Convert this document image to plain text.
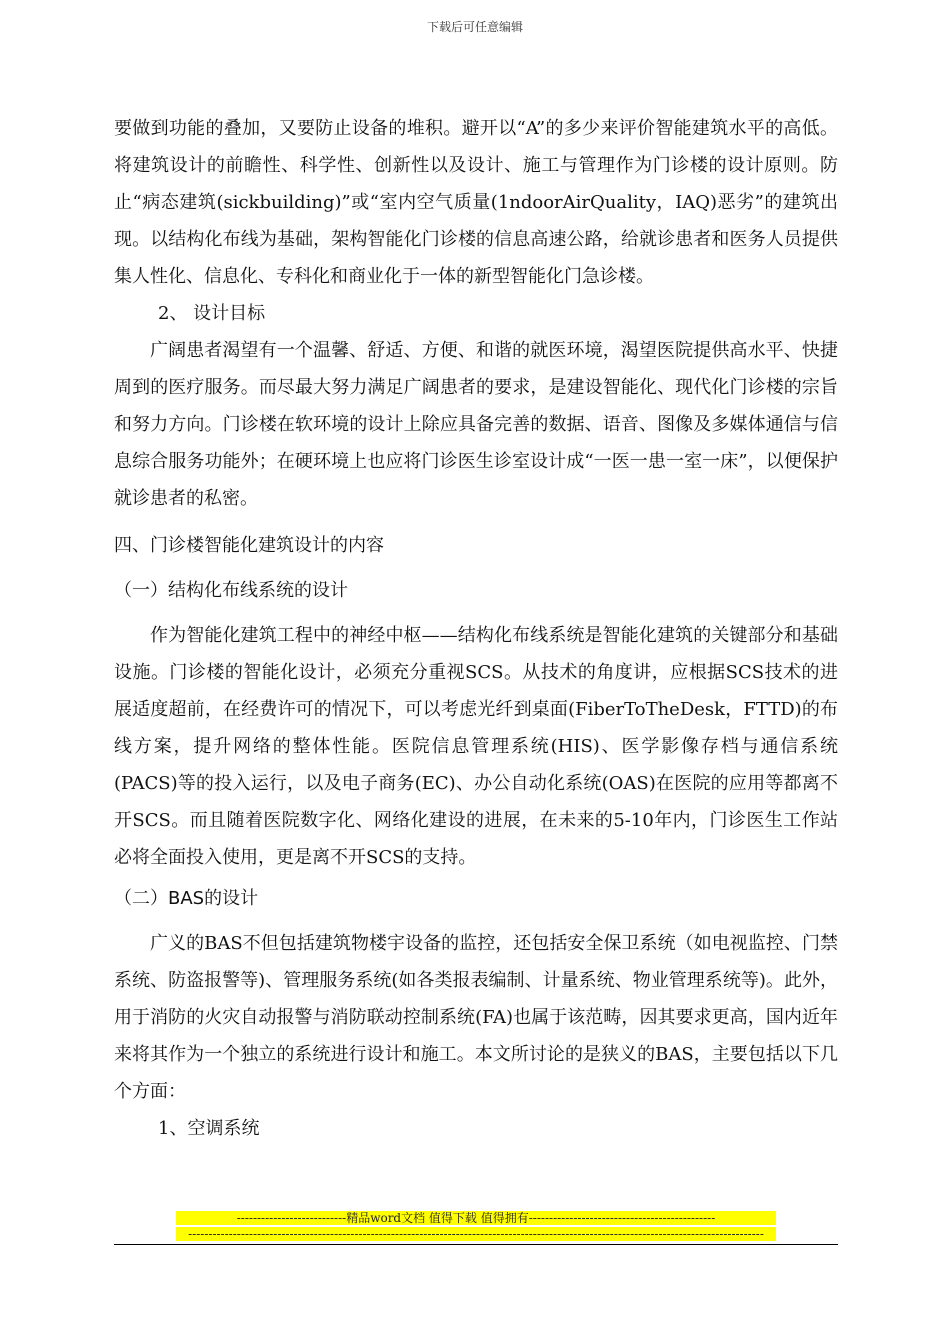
下载后可任意编辑

要做到功能的叠加，又要防止设备的堆积。避开以“A”的多少来评价智能建筑水平的高低。将建筑设计的前瞻性、科学性、创新性以及设计、施工与管理作为门诊楼的设计原则。防止“病态建筑(sickbuilding)”或“室内空气质量(1ndoorAirQuality，IAQ)恶劣”的建筑出现。以结构化布线为基础，架构智能化门诊楼的信息高速公路，给就诊患者和医务人员提供集人性化、信息化、专科化和商业化于一体的新型智能化门急诊楼。

2、 设计目标

广阔患者渴望有一个温馨、舒适、方便、和谐的就医环境，渴望医院提供高水平、快捷周到的医疗服务。而尽最大努力满足广阔患者的要求，是建设智能化、现代化门诊楼的宗旨和努力方向。门诊楼在软环境的设计上除应具备完善的数据、语音、图像及多媒体通信与信息综合服务功能外；在硬环境上也应将门诊医生诊室设计成“一医一患一室一床”，以便保护就诊患者的私密。

四、门诊楼智能化建筑设计的内容

（一）结构化布线系统的设计

作为智能化建筑工程中的神经中枢——结构化布线系统是智能化建筑的关键部分和基础设施。门诊楼的智能化设计，必须充分重视SCS。从技术的角度讲，应根据SCS技术的进展适度超前，在经费许可的情况下，可以考虑光纤到桌面(FiberToTheDesk，FTTD)的布线方案，提升网络的整体性能。医院信息管理系统(HIS)、医学影像存档与通信系统(PACS)等的投入运行，以及电子商务(EC)、办公自动化系统(OAS)在医院的应用等都离不开SCS。而且随着医院数字化、网络化建设的进展，在未来的5-10年内，门诊医生工作站必将全面投入使用，更是离不开SCS的支持。

（二）BAS的设计

广义的BAS不但包括建筑物楼宇设备的监控，还包括安全保卫系统（如电视监控、门禁系统、防盗报警等)、管理服务系统(如各类报表编制、计量系统、物业管理系统等)。此外，用于消防的火灾自动报警与消防联动控制系统(FA)也属于该范畴，因其要求更高，国内近年来将其作为一个独立的系统进行设计和施工。本文所讨论的是狭义的BAS，主要包括以下几个方面：

1、空调系统

---------------------------精品word文档 值得下载 值得拥有----------------------------------------------
----------------------------------------------------------------------------------------------------------------------------------------------
